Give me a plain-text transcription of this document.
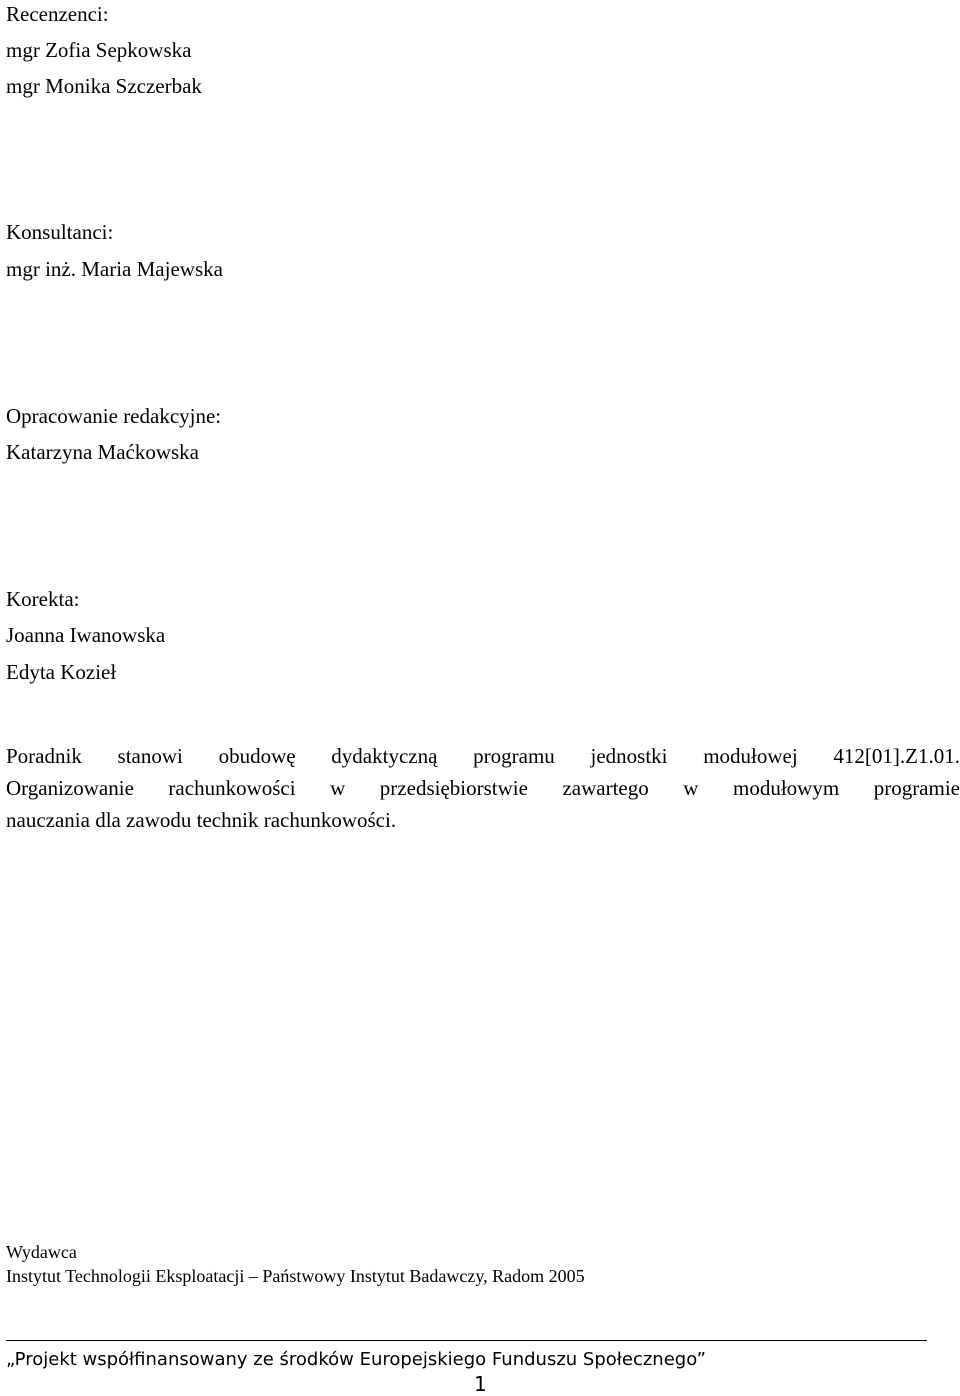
Recenzenci:
mgr Zofia Sepkowska
mgr Monika Szczerbak
Konsultanci:
mgr inż. Maria Majewska
Opracowanie redakcyjne:
Katarzyna Maćkowska
Korekta:
Joanna Iwanowska
Edyta Kozieł
Poradnik stanowi obudowę dydaktyczną programu jednostki modułowej 412[01].Z1.01.
Organizowanie rachunkowości w przedsiębiorstwie zawartego w modułowym programie
nauczania dla zawodu technik rachunkowości.
Wydawca
Instytut Technologii Eksploatacji – Państwowy Instytut Badawczy, Radom 2005
„Projekt współfinansowany ze środków Europejskiego Funduszu Społecznego”
1
